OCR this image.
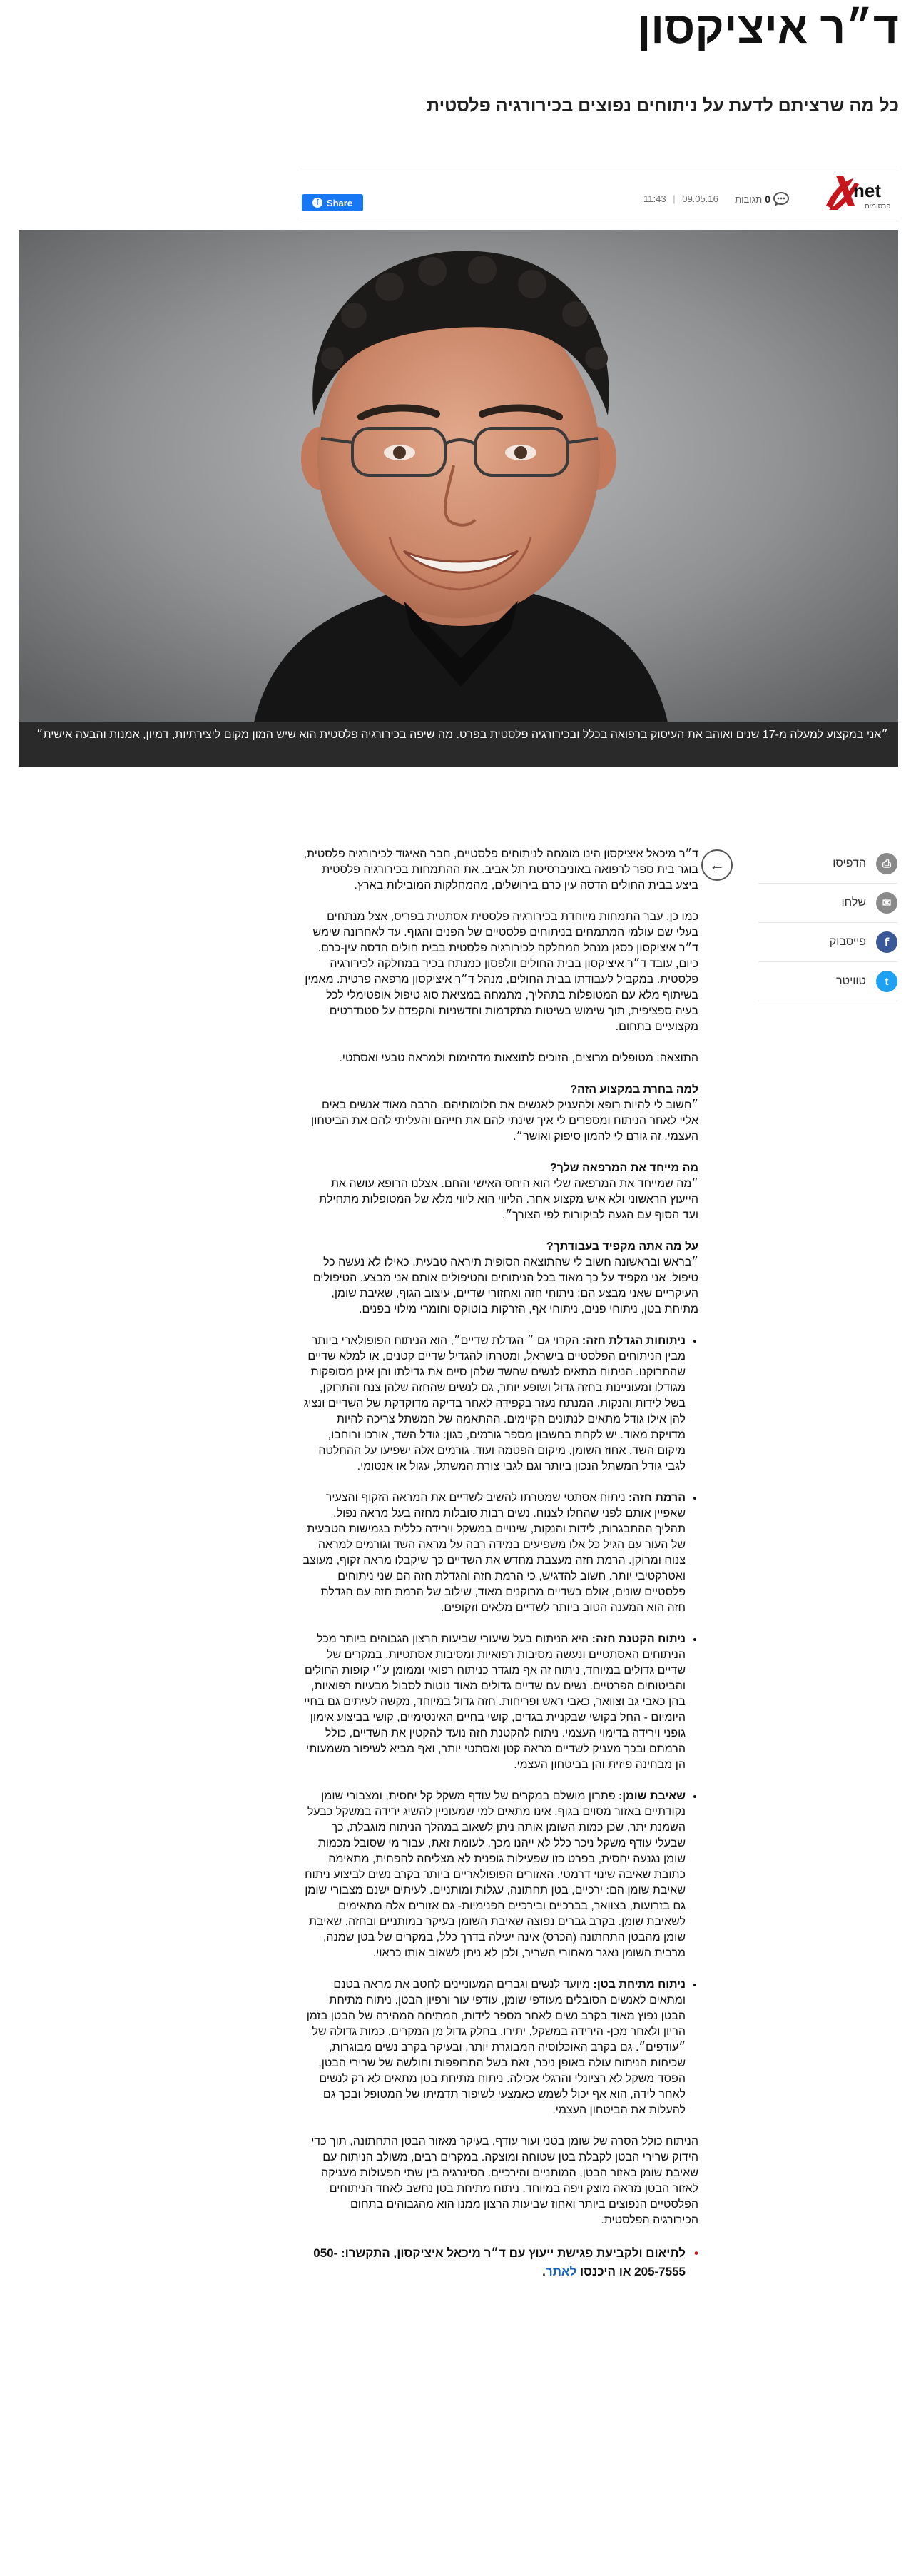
ד״ר איציקסון
כל מה שרציתם לדעת על ניתוחים נפוצים בכירורגיה פלסטית
net
פרסומים
0תגובות
11:43 | 09.05.16
f Share
״אני במקצוע למעלה מ-17 שנים ואוהב את העיסוק ברפואה בכלל ובכירורגיה פלסטית בפרט. מה שיפה בכירורגיה פלסטית הוא שיש המון מקום ליצירתיות, דמיון, אמנות והבעה אישית״
⎙
הדפיסו
✉
שלחו
f
פייסבוק
t
טוויטר
←

ד״ר מיכאל איציקסון הינו מומחה לניתוחים פלסטיים, חבר האיגוד לכירורגיה פלסטית, בוגר בית ספר לרפואה באוניברסיטת תל אביב. את ההתמחות בכירורגיה פלסטית ביצע בבית החולים הדסה עין כרם בירושלים, מהמחלקות המובילות בארץ.

כמו כן, עבר התמחות מיוחדת בכירורגיה פלסטית אסתטית בפריס, אצל מנתחים בעלי שם עולמי המתמחים בניתוחים פלסטיים של הפנים והגוף. עד לאחרונה שימש ד״ר איציקסון כסגן מנהל המחלקה לכירורגיה פלסטית בבית חולים הדסה עין-כרם. כיום, עובד ד״ר איציקסון בבית החולים וולפסון כמנתח בכיר במחלקה לכירורגיה פלסטית. במקביל לעבודתו בבית החולים, מנהל ד״ר איציקסון מרפאה פרטית. מאמין בשיתוף מלא עם המטופלות בתהליך, מתמחה במציאת סוג טיפול אופטימלי לכל בעיה ספציפית, תוך שימוש בשיטות מתקדמות וחדשניות והקפדה על סטנדרטים מקצועיים בתחום.

התוצאה: מטופלים מרוצים, הזוכים לתוצאות מדהימות ולמראה טבעי ואסתטי.

למה בחרת במקצוע הזה?

״חשוב לי להיות רופא ולהעניק לאנשים את חלומותיהם. הרבה מאוד אנשים באים אליי לאחר הניתוח ומספרים לי איך שינתי להם את חייהם והעליתי להם את הביטחון העצמי. זה גורם לי להמון סיפוק ואושר״.

מה מייחד את המרפאה שלך?

״מה שמייחד את המרפאה שלי הוא היחס האישי והחם. אצלנו הרופא עושה את הייעוץ הראשוני ולא איש מקצוע אחר. הליווי הוא ליווי מלא של המטופלות מתחילת ועד הסוף עם הגעה לביקורות לפי הצורך״.

על מה אתה מקפיד בעבודתך?

״בראש ובראשונה חשוב לי שהתוצאה הסופית תיראה טבעית, כאילו לא נעשה כל טיפול. אני מקפיד על כך מאוד בכל הניתוחים והטיפולים אותם אני מבצע. הטיפולים העיקריים שאני מבצע הם: ניתוחי חזה ואחזורי שדיים, עיצוב הגוף, שאיבת שומן, מתיחת בטן, ניתוחי פנים, ניתוחי אף, הזרקות בוטוקס וחומרי מילוי בפנים.

• ניתוחות הגדלת חזה: הקרוי גם ״ הגדלת שדיים״, הוא הניתוח הפופולארי ביותר מבין הניתוחים הפלסטיים בישראל, ומטרתו להגדיל שדיים קטנים, או למלא שדיים שהתרוקנו. הניתוח מתאים לנשים שהשד שלהן סיים את גדילתו והן אינן מסופקות מגודלו ומעוניינות בחזה גדול ושופע יותר, גם לנשים שהחזה שלהן צנח והתרוקן, בשל לידות והנקות. המנתח נעזר בקפידה לאחר בדיקה מדוקדקת של השדיים ונציג להן אילו גודל מתאים לנתונים הקיימים. ההתאמה של המשתל צריכה להיות מדויקת מאוד. יש לקחת בחשבון מספר גורמים, כגון: גודל השד, אורכו ורוחבו, מיקום השד, אחוז השומן, מיקום הפטמה ועוד. גורמים אלה ישפיעו על ההחלטה לגבי גודל המשתל הנכון ביותר וגם לגבי צורת המשתל, עגול או אנטומי.
• הרמת חזה: ניתוח אסתטי שמטרתו להשיב לשדיים את המראה הזקוף והצעיר שאפיין אותם לפני שהחלו לצנוח. נשים רבות סובלות מחזה בעל מראה נפול. תהליך ההתבגרות, לידות והנקות, שינויים במשקל וירידה כללית בגמישות הטבעית של העור עם הגיל כל אלו משפיעים במידה רבה על מראה השד וגורמים למראה צנוח ומרוקן. הרמת חזה מעצבת מחדש את השדיים כך שיקבלו מראה זקוף, מעוצב ואטרקטיבי יותר. חשוב להדגיש, כי הרמת חזה והגדלת חזה הם שני ניתוחים פלסטיים שונים, אולם בשדיים מרוקנים מאוד, שילוב של הרמת חזה עם הגדלת חזה הוא המענה הטוב ביותר לשדיים מלאים וזקופים.
• ניתוח הקטנת חזה: היא הניתוח בעל שיעורי שביעות הרצון הגבוהים ביותר מכל הניתוחים האסתטיים ונעשה מסיבות רפואיות ומסיבות אסתטיות. במקרים של שדיים גדולים במיוחד, ניתוח זה אף מוגדר כניתוח רפואי וממומן ע״י קופות החולים והביטוחים הפרטיים. נשים עם שדיים גדולים מאוד נוטות לסבול מבעיות רפואיות, בהן כאבי גב וצוואר, כאבי ראש ופריחות. חזה גדול במיוחד, מקשה לעיתים גם בחיי היומיום - החל בקושי שבקניית בגדים, קושי בחיים האינטימיים, קושי בביצוע אימון גופני וירידה בדימוי העצמי. ניתוח להקטנת חזה נועד להקטין את השדיים, כולל הרמתם ובכך מעניק לשדיים מראה קטן ואסתטי יותר, ואף מביא לשיפור משמעותי הן מבחינה פיזית והן בביטחון העצמי.
• שאיבת שומן: פתרון מושלם במקרים של עודף משקל קל יחסית, ומצבורי שומן נקודתיים באזור מסוים בגוף. אינו מתאים למי שמעוניין להשיג ירידה במשקל כבעל השמנת יתר, שכן כמות השומן אותה ניתן לשאוב במהלך הניתוח מוגבלת, כך שבעלי עודף משקל ניכר כלל לא ייהנו מכך. לעומת זאת, עבור מי שסובל מכמות שומן נגנעה יחסית, בפרט כזו שפעילות גופנית לא מצליחה להפחית, מתאימה כתובת שאיבה שינוי דרמטי. האזורים הפופולאריים ביותר בקרב נשים לביצוע ניתוח שאיבת שומן הם: ירכיים, בטן תחתונה, עגלות ומותניים. לעיתים ישנם מצבורי שומן גם בזרועות, בצוואר, בברכיים ובירכיים הפנימיות- גם אזורים אלה מתאימים לשאיבת שומן. בקרב גברים נפוצה שאיבת השומן בעיקר במותניים ובחזה. שאיבת שומן מהבטן התחתונה (הכרס) אינה יעילה בדרך כלל, במקרים של בטן שמנה, מרבית השומן נאגר מאחורי השריר, ולכן לא ניתן לשאוב אותו כראוי.
• ניתוח מתיחת בטן: מיועד לנשים וגברים המעוניינים לחטב את מראה בטנם ומתאים לאנשים הסובלים מעודפי שומן, עודפי עור ורפיון הבטן. ניתוח מתיחת הבטן נפוץ מאוד בקרב נשים לאחר מספר לידות, המתיחה המהירה של הבטן בזמן הריון ולאחר מכן- הירידה במשקל, יתירו, בחלק גדול מן המקרים, כמות גדולה של ״עודפים״. גם בקרב האוכלוסיה המבוגרת יותר, ובעיקר בקרב נשים מבוגרות, שכיחות הניתוח עולה באופן ניכר, זאת בשל התרופפות וחולשה של שרירי הבטן, הפסד משקל לא רציונלי והרגלי אכילה. ניתוח מתיחת בטן מתאים לא רק לנשים לאחר לידה, הוא אף יכול לשמש כאמצעי לשיפור תדמיתו של המטופל ובכך גם להעלות את הביטחון העצמי.

הניתוח כולל הסרה של שומן בטני ועור עודף, בעיקר מאזור הבטן התחתונה, תוך כדי הידוק שרירי הבטן לקבלת בטן שטוחה ומוצקה. במקרים רבים, משולב הניתוח עם שאיבת שומן באזור הבטן, המותניים והירכיים. הסינרגיה בין שתי הפעולות מעניקה לאזור הבטן מראה מוצק ויפה במיוחד. ניתוח מתיחת בטן נחשב לאחד הניתוחים הפלסטיים הנפוצים ביותר ואחוז שביעות הרצון ממנו הוא מהגבוהים בתחום הכירורגיה הפלסטית.

• לתיאום ולקביעת פגישת ייעוץ עם ד״ר מיכאל איציקסון, התקשרו: 050-205-7555 או היכנסו לאתר.
